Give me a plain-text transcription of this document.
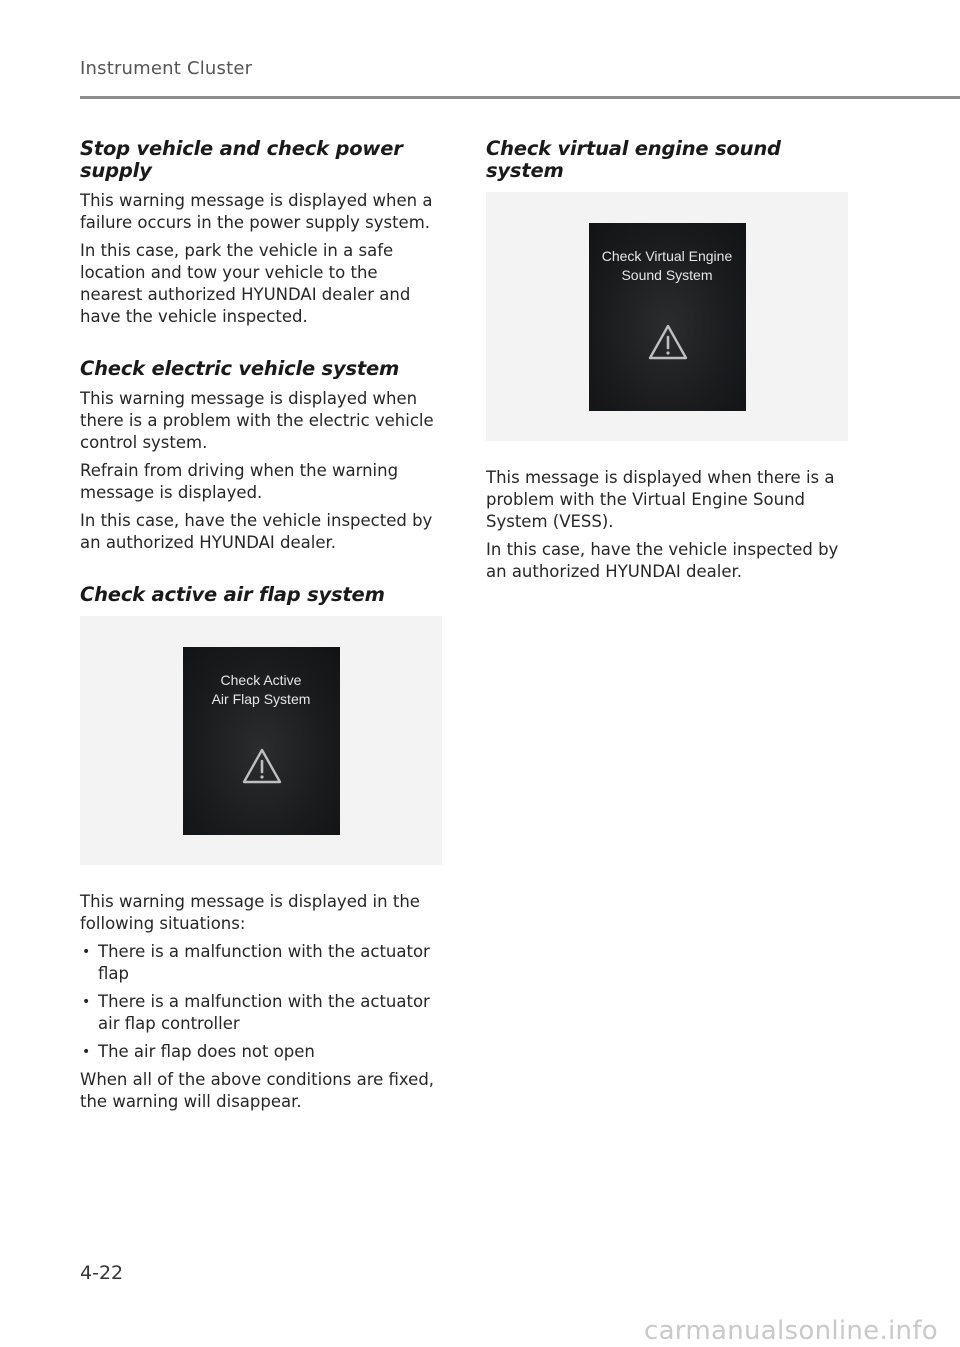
Instrument Cluster
Stop vehicle and check power supply

This warning message is displayed when a failure occurs in the power supply system.

In this case, park the vehicle in a safe location and tow your vehicle to the nearest authorized HYUNDAI dealer and have the vehicle inspected.

Check electric vehicle system

This warning message is displayed when there is a problem with the electric vehicle control system.

Refrain from driving when the warning message is displayed.

In this case, have the vehicle inspected by an authorized HYUNDAI dealer.

Check active air flap system
Check Active
Air Flap System

This warning message is displayed in the following situations:

• There is a malfunction with the actuator flap
• There is a malfunction with the actuator air flap controller
• The air flap does not open

When all of the above conditions are fixed, the warning will disappear.

Check virtual engine sound system
Check Virtual Engine
Sound System

This message is displayed when there is a problem with the Virtual Engine Sound System (VESS).

In this case, have the vehicle inspected by an authorized HYUNDAI dealer.

4-22
carmanualsonline.info
